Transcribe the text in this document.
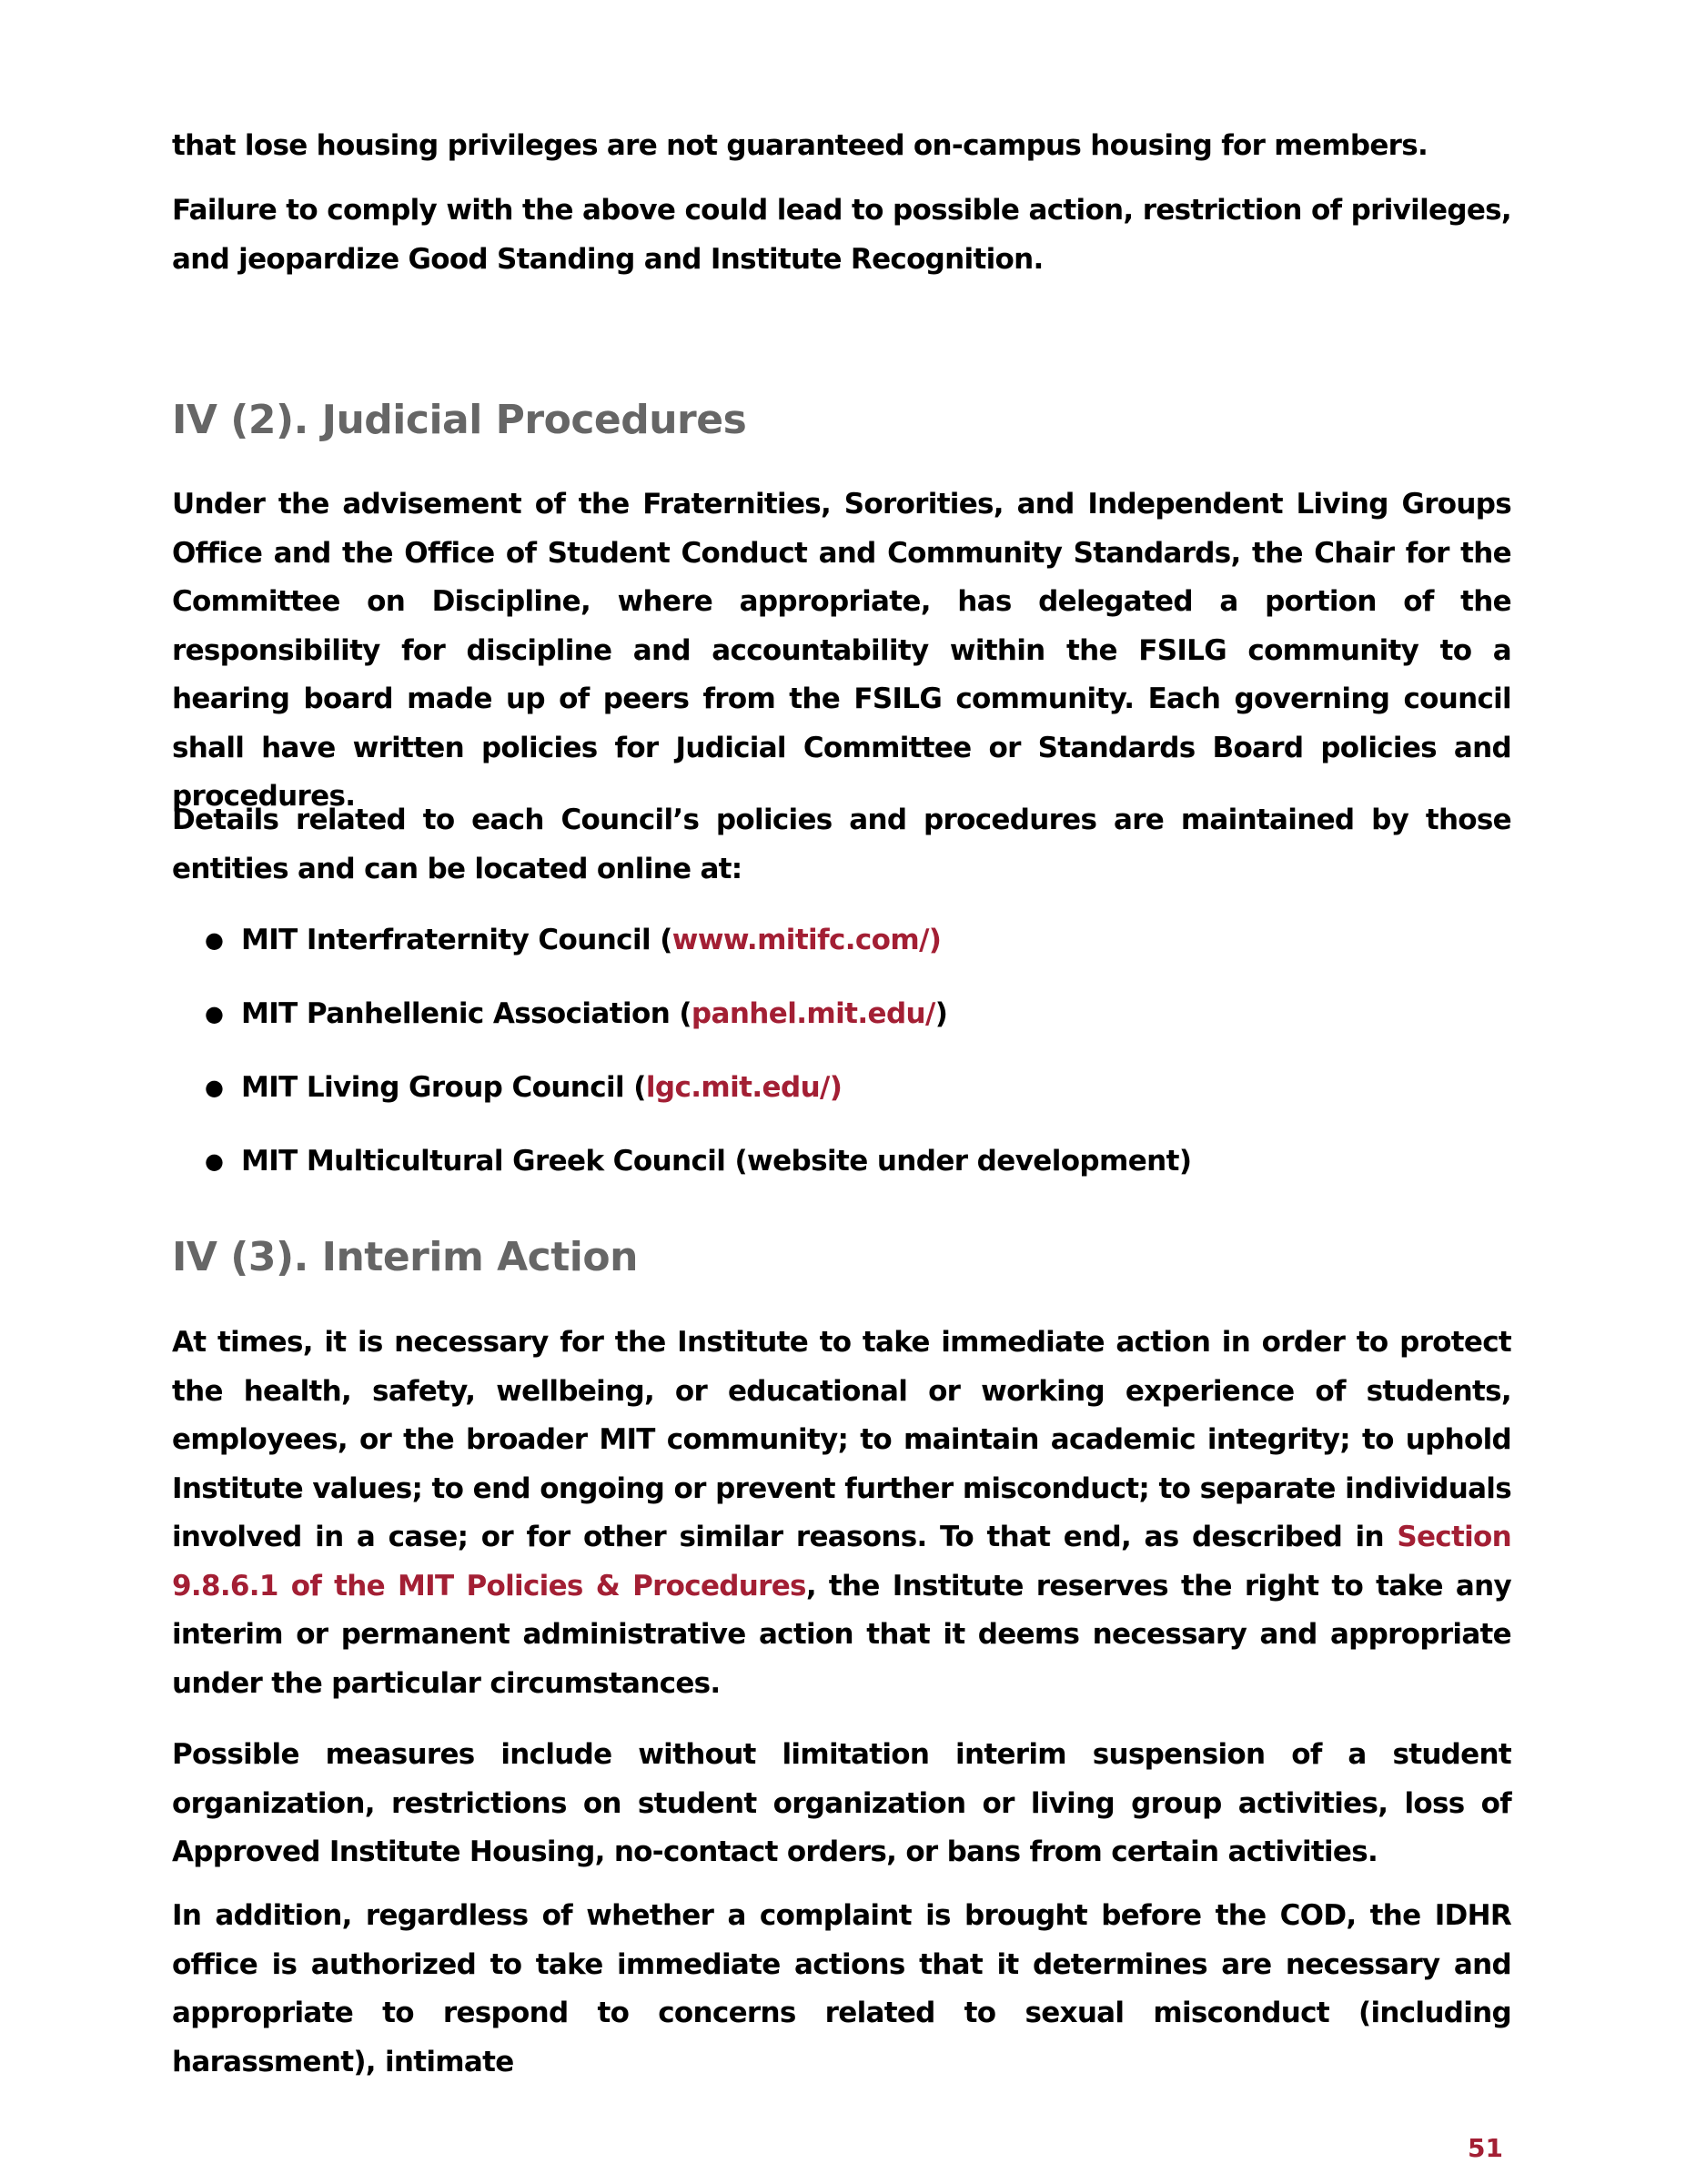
that lose housing privileges are not guaranteed on-campus housing for members.

Failure to comply with the above could lead to possible action, restriction of privileges, and jeopardize Good Standing and Institute Recognition.

IV (2). Judicial Procedures

Under the advisement of the Fraternities, Sororities, and Independent Living Groups Office and the Office of Student Conduct and Community Standards, the Chair for the Committee on Discipline, where appropriate, has delegated a portion of the responsibility for discipline and accountability within the FSILG community to a hearing board made up of peers from the FSILG community. Each governing council shall have written policies for Judicial Committee or Standards Board policies and procedures.

Details related to each Council’s policies and procedures are maintained by those entities and can be located online at:

● MIT Interfraternity Council (www.mitifc.com/)
● MIT Panhellenic Association (panhel.mit.edu/)
● MIT Living Group Council (lgc.mit.edu/)
● MIT Multicultural Greek Council (website under development)
IV (3). Interim Action

At times, it is necessary for the Institute to take immediate action in order to protect the health, safety, wellbeing, or educational or working experience of students, employees, or the broader MIT community; to maintain academic integrity; to uphold Institute values; to end ongoing or prevent further misconduct; to separate individuals involved in a case; or for other similar reasons. To that end, as described in Section 9.8.6.1 of the MIT Policies & Procedures, the Institute reserves the right to take any interim or permanent administrative action that it deems necessary and appropriate under the particular circumstances.

Possible measures include without limitation interim suspension of a student organization, restrictions on student organization or living group activities, loss of Approved Institute Housing, no-contact orders, or bans from certain activities.

In addition, regardless of whether a complaint is brought before the COD, the IDHR office is authorized to take immediate actions that it determines are necessary and appropriate to respond to concerns related to sexual misconduct (including harassment), intimate

51
